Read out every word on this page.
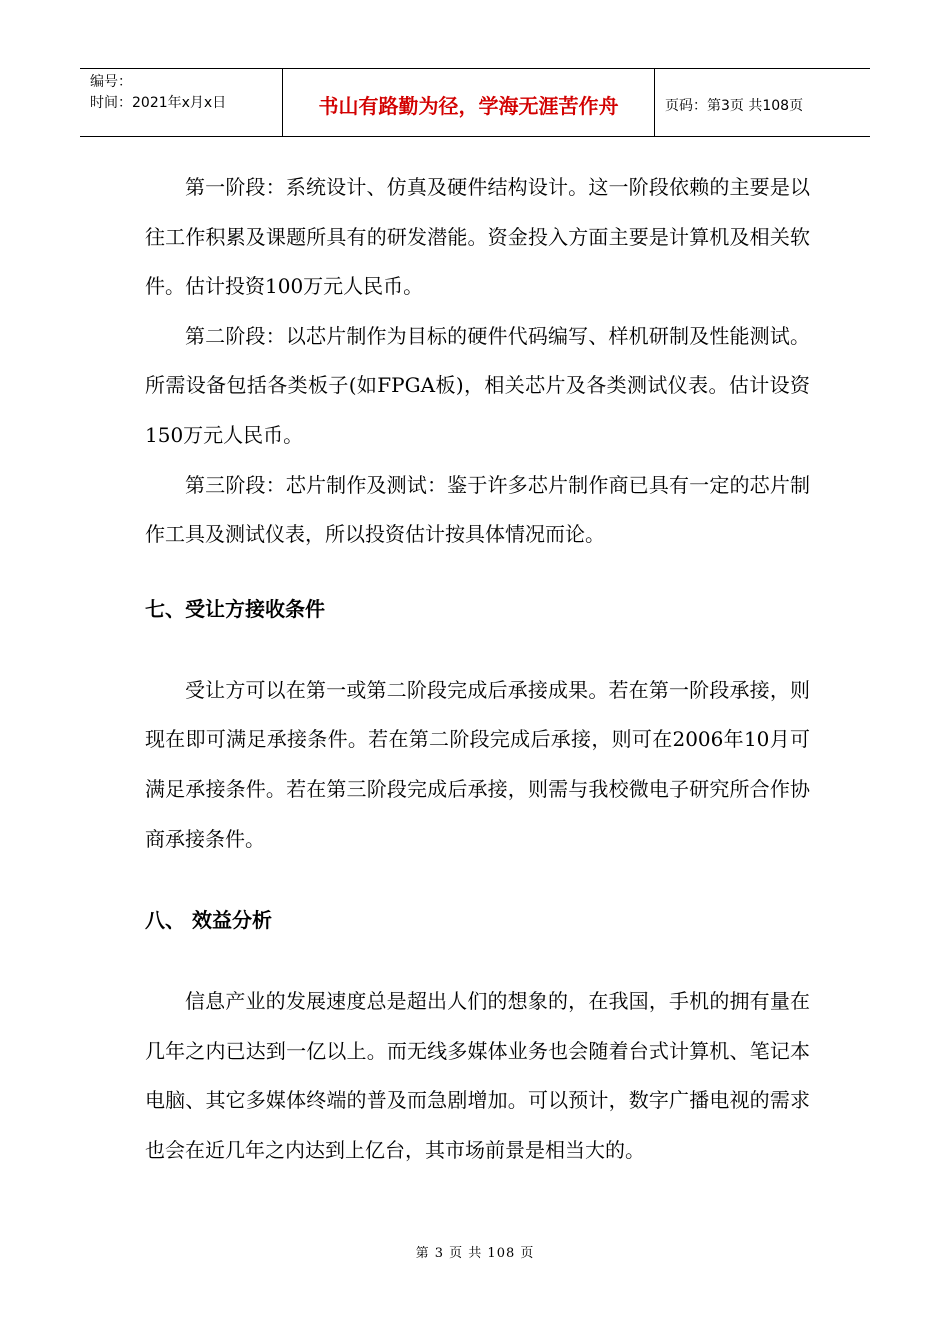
编号：
时间：2021年x月x日	书山有路勤为径，学海无涯苦作舟	页码：第3页 共108页

第一阶段：系统设计、仿真及硬件结构设计。这一阶段依赖的主要是以往工作积累及课题所具有的研发潜能。资金投入方面主要是计算机及相关软件。估计投资100万元人民币。

第二阶段：以芯片制作为目标的硬件代码编写、样机研制及性能测试。所需设备包括各类板子(如FPGA板)，相关芯片及各类测试仪表。估计设资150万元人民币。

第三阶段：芯片制作及测试：鉴于许多芯片制作商已具有一定的芯片制作工具及测试仪表，所以投资估计按具体情况而论。

七、受让方接收条件

受让方可以在第一或第二阶段完成后承接成果。若在第一阶段承接，则现在即可满足承接条件。若在第二阶段完成后承接，则可在2006年10月可满足承接条件。若在第三阶段完成后承接，则需与我校微电子研究所合作协商承接条件。

八、 效益分析

信息产业的发展速度总是超出人们的想象的，在我国，手机的拥有量在几年之内已达到一亿以上。而无线多媒体业务也会随着台式计算机、笔记本电脑、其它多媒体终端的普及而急剧增加。可以预计，数字广播电视的需求也会在近几年之内达到上亿台，其市场前景是相当大的。

第 3 页 共 108 页
